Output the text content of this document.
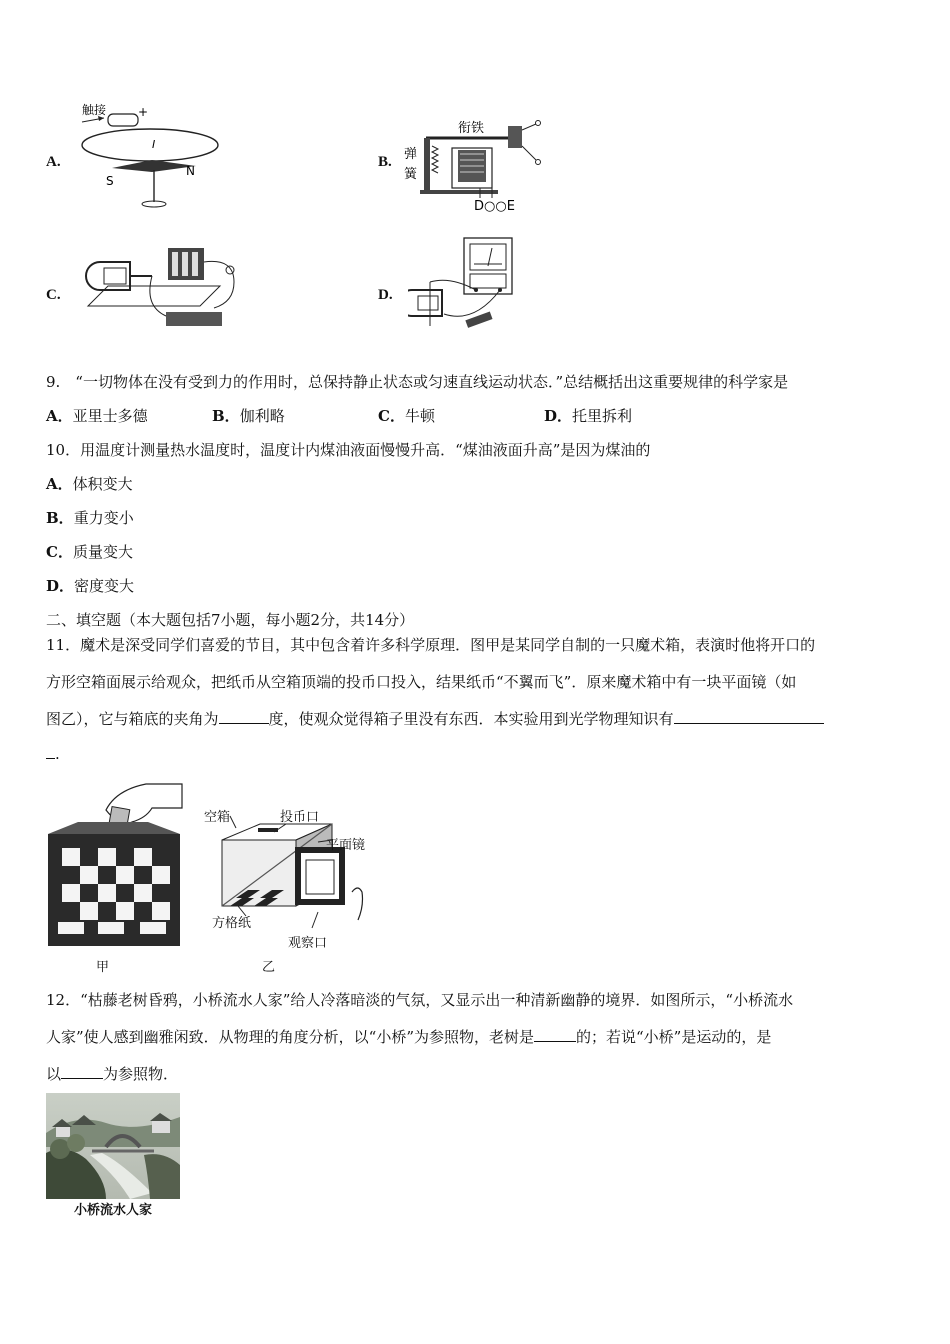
A.
触接	+
I
S
N
B.
衔铁
弹
簧
D○○E
C.	D.
9.　“一切物体在没有受到力的作用时，总保持静止状态或匀速直线运动状态．”总结概括出这重要规律的科学家是
A．亚里士多德	B．伽利略	C．牛顿	D．托里拆利
10．用温度计测量热水温度时，温度计内煤油液面慢慢升高．“煤油液面升高”是因为煤油的
A．体积变大
B．重力变小
C．质量变大
D．密度变大
二、填空题（本大题包括7小题，每小题2分，共14分）
11．魔术是深受同学们喜爱的节目，其中包含着许多科学原理．图甲是某同学自制的一只魔术箱，表演时他将开口的
方形空箱面展示给观众，把纸币从空箱顶端的投币口投入，结果纸币“不翼而飞”．原来魔术箱中有一块平面镜（如
图乙），它与箱底的夹角为	度，使观众觉得箱子里没有东西．本实验用到光学物理知识有
.
甲
空箱	投币口
平面镜
方格纸
观察口
乙
12．“枯藤老树昏鸦，小桥流水人家”给人冷落暗淡的气氛，又显示出一种清新幽静的境界．如图所示，“小桥流水
人家”使人感到幽雅闲致．从物理的角度分析，以“小桥”为参照物，老树是	的；若说“小桥”是运动的，是
以	为参照物．
小桥流水人家
